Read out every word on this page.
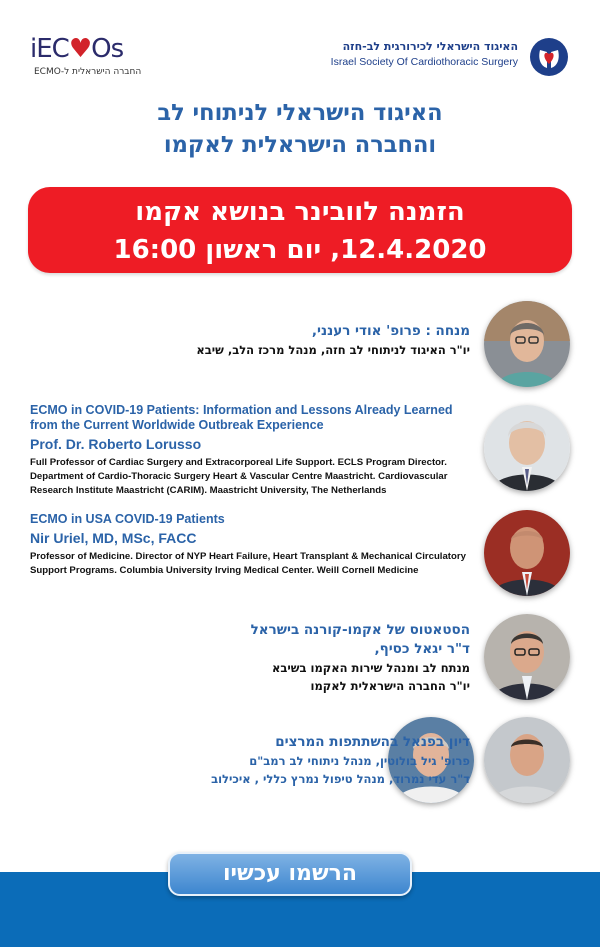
iEC♥Os
החברה הישראלית ל-ECMO
האיגוד הישראלי לכירורגית לב-חזה
Israel Society Of Cardiothoracic Surgery
האיגוד הישראלי לניתוחי לב
והחברה הישראלית לאקמו
הזמנה לוובינר בנושא אקמו
12.4.2020, יום ראשון 16:00
מנחה : פרופ' אודי רענני,
יו"ר האיגוד לניתוחי לב חזה, מנהל מרכז הלב, שיבא
ECMO in COVID-19 Patients: Information and Lessons Already Learned from the Current Worldwide Outbreak Experience
Prof. Dr. Roberto Lorusso
Full Professor of Cardiac Surgery and Extracorporeal Life Support. ECLS Program Director. Department of Cardio-Thoracic Surgery Heart & Vascular Centre Maastricht. Cardiovascular Research Institute Maastricht (CARIM). Maastricht University, The Netherlands
ECMO in USA COVID-19 Patients
Nir Uriel, MD, MSc, FACC
Professor of Medicine. Director of NYP Heart Failure, Heart Transplant & Mechanical Circulatory Support Programs. Columbia University Irving Medical Center. Weill Cornell Medicine
הסטאטוס של אקמו-קורנה בישראל
ד"ר יגאל כסיף,
מנתח לב ומנהל שירות האקמו בשיבא
יו"ר החברה הישראלית לאקמו
דיון בפנאל בהשתתפות המרצים
פרופ' גיל בולוטין, מנהל ניתוחי לב רמב"ם
ד"ר עדי נמרוד, מנהל טיפול נמרץ כללי , איכילוב
הרשמו עכשיו
